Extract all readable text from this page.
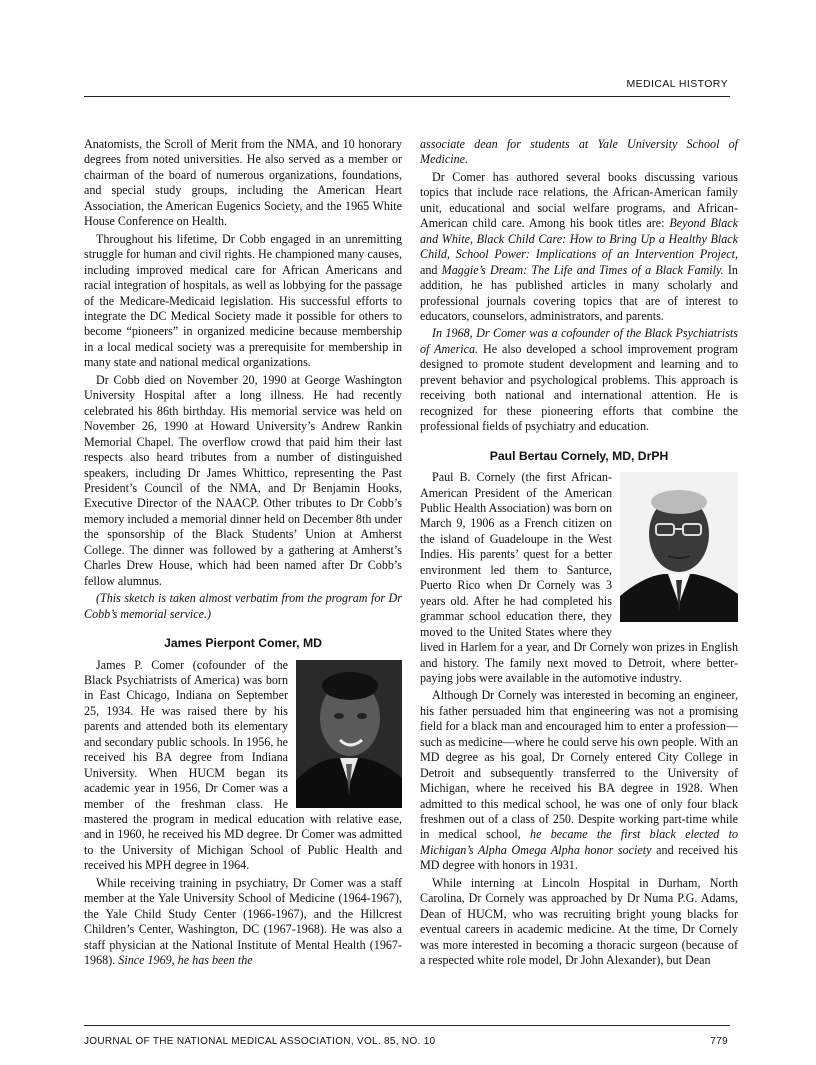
MEDICAL HISTORY

Anatomists, the Scroll of Merit from the NMA, and 10 honorary degrees from noted universities. He also served as a member or chairman of the board of numerous organizations, foundations, and special study groups, including the American Heart Association, the American Eugenics Society, and the 1965 White House Conference on Health.

Throughout his lifetime, Dr Cobb engaged in an unremitting struggle for human and civil rights. He championed many causes, including improved medical care for African Americans and racial integration of hospitals, as well as lobbying for the passage of the Medicare-Medicaid legislation. His successful efforts to integrate the DC Medical Society made it possible for others to become “pioneers” in organized medicine because membership in a local medical society was a prerequisite for membership in many state and national medical organizations.

Dr Cobb died on November 20, 1990 at George Washington University Hospital after a long illness. He had recently celebrated his 86th birthday. His memorial service was held on November 26, 1990 at Howard University’s Andrew Rankin Memorial Chapel. The overflow crowd that paid him their last respects also heard tributes from a number of distinguished speakers, including Dr James Whittico, representing the Past President’s Council of the NMA, and Dr Benjamin Hooks, Executive Director of the NAACP. Other tributes to Dr Cobb’s memory included a memorial dinner held on December 8th under the sponsorship of the Black Students’ Union at Amherst College. The dinner was followed by a gathering at Amherst’s Charles Drew House, which had been named after Dr Cobb’s fellow alumnus.

(This sketch is taken almost verbatim from the program for Dr Cobb’s memorial service.)

James Pierpont Comer, MD

James P. Comer (cofounder of the Black Psychiatrists of America) was born in East Chicago, Indiana on September 25, 1934. He was raised there by his parents and attended both its elementary and secondary public schools. In 1956, he received his BA degree from Indiana University. When HUCM began its academic year in 1956, Dr Comer was a member of the freshman class. He mastered the program in medical education with relative ease, and in 1960, he received his MD degree. Dr Comer was admitted to the University of Michigan School of Public Health and received his MPH degree in 1964.

While receiving training in psychiatry, Dr Comer was a staff member at the Yale University School of Medicine (1964-1967), the Yale Child Study Center (1966-1967), and the Hillcrest Children’s Center, Washington, DC (1967-1968). He was also a staff physician at the National Institute of Mental Health (1967-1968). Since 1969, he has been the

associate dean for students at Yale University School of Medicine.

Dr Comer has authored several books discussing various topics that include race relations, the African-American family unit, educational and social welfare programs, and African-American child care. Among his book titles are: Beyond Black and White, Black Child Care: How to Bring Up a Healthy Black Child, School Power: Implications of an Intervention Project, and Maggie’s Dream: The Life and Times of a Black Family. In addition, he has published articles in many scholarly and professional journals covering topics that are of interest to educators, counselors, administrators, and parents.

In 1968, Dr Comer was a cofounder of the Black Psychiatrists of America. He also developed a school improvement program designed to promote student development and learning and to prevent behavior and psychological problems. This approach is receiving both national and international attention. He is recognized for these pioneering efforts that combine the professional fields of psychiatry and education.

Paul Bertau Cornely, MD, DrPH

Paul B. Cornely (the first African-American President of the American Public Health Association) was born on March 9, 1906 as a French citizen on the island of Guadeloupe in the West Indies. His parents’ quest for a better environment led them to Santurce, Puerto Rico when Dr Cornely was 3 years old. After he had completed his grammar school education there, they moved to the United States where they lived in Harlem for a year, and Dr Cornely won prizes in English and history. The family next moved to Detroit, where better-paying jobs were available in the automotive industry.

Although Dr Cornely was interested in becoming an engineer, his father persuaded him that engineering was not a promising field for a black man and encouraged him to enter a profession—such as medicine—where he could serve his own people. With an MD degree as his goal, Dr Cornely entered City College in Detroit and subsequently transferred to the University of Michigan, where he received his BA degree in 1928. When admitted to this medical school, he was one of only four black freshmen out of a class of 250. Despite working part-time while in medical school, he became the first black elected to Michigan’s Alpha Omega Alpha honor society and received his MD degree with honors in 1931.

While interning at Lincoln Hospital in Durham, North Carolina, Dr Cornely was approached by Dr Numa P.G. Adams, Dean of HUCM, who was recruiting bright young blacks for eventual careers in academic medicine. At the time, Dr Cornely was more interested in becoming a thoracic surgeon (because of a respected white role model, Dr John Alexander), but Dean

JOURNAL OF THE NATIONAL MEDICAL ASSOCIATION, VOL. 85, NO. 10	779
